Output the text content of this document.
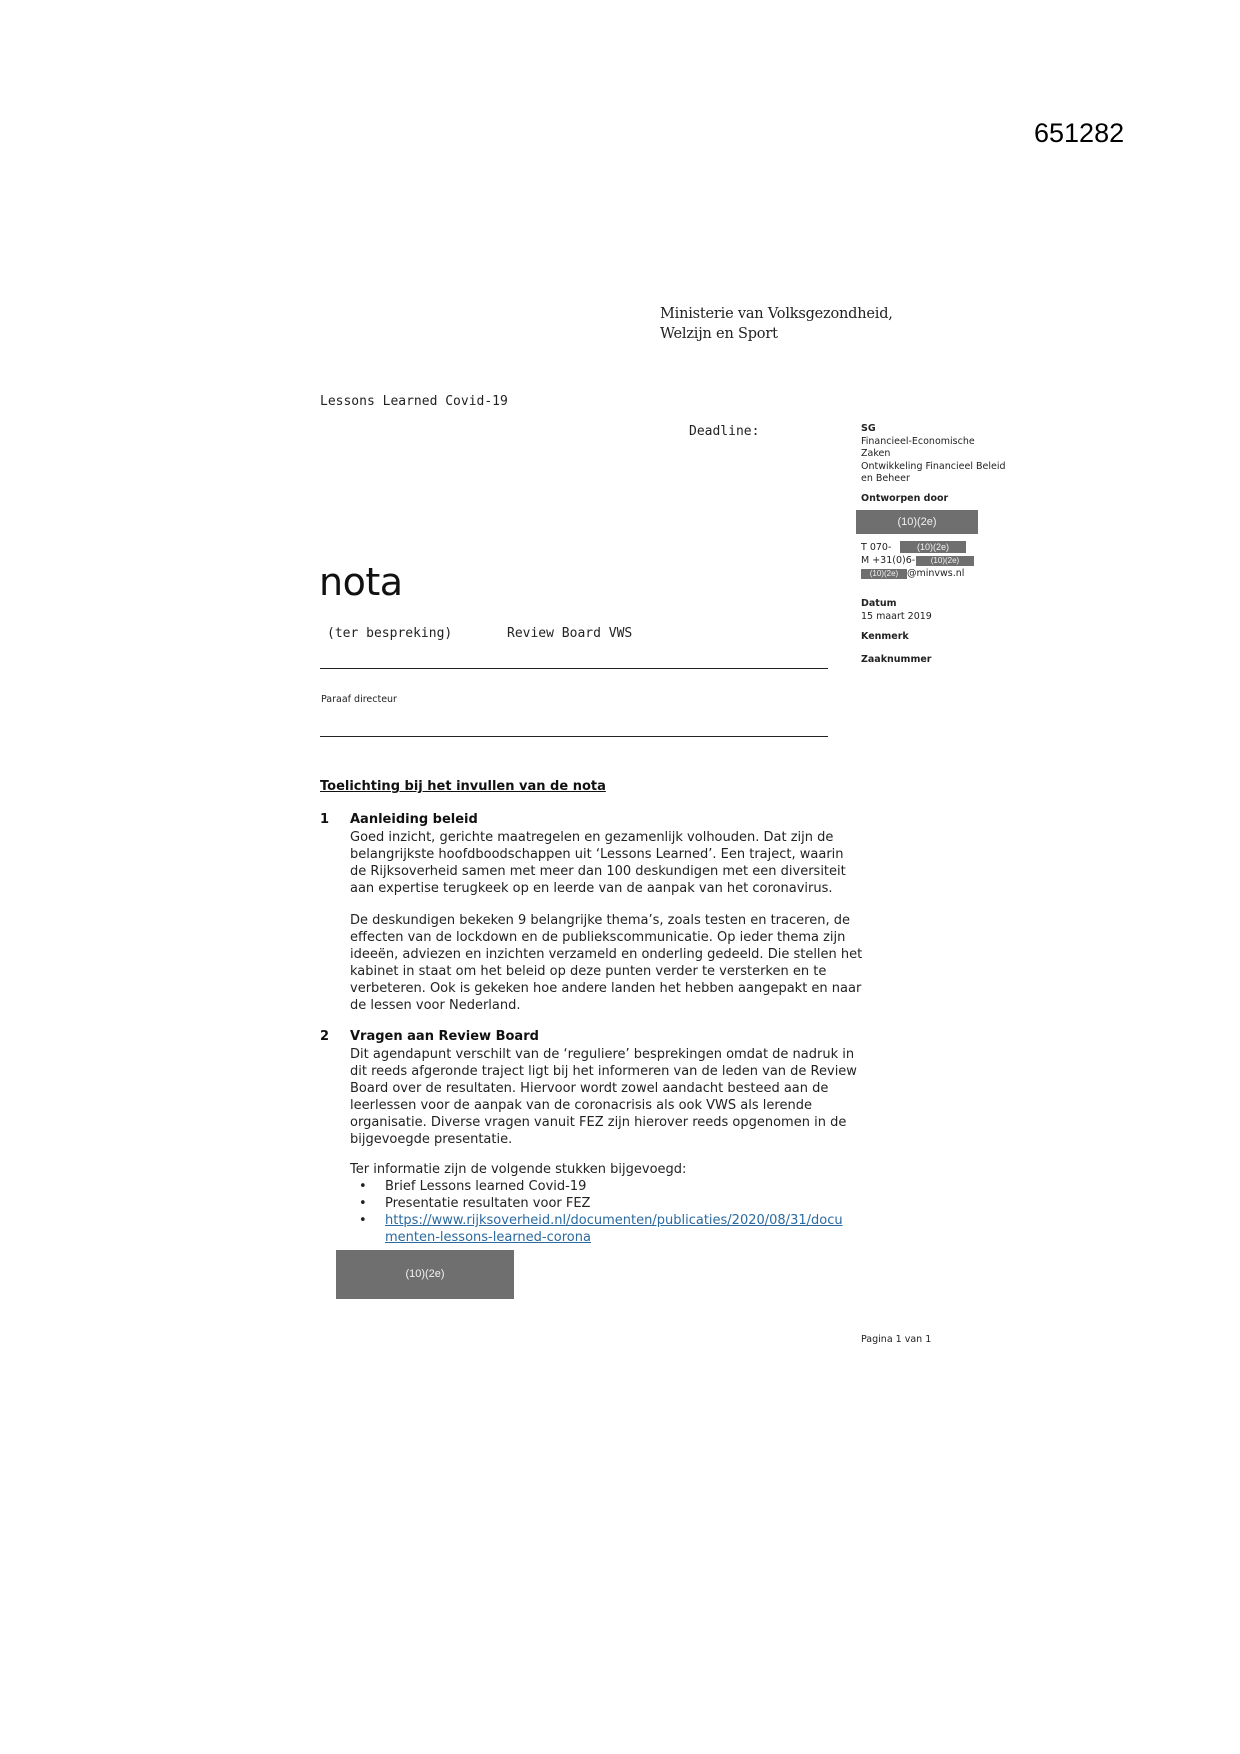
651282
Ministerie van Volksgezondheid,
Welzijn en Sport
Lessons Learned Covid-19
Deadline:	SG
Financieel-Economische
Zaken
Ontwikkeling Financieel Beleid
en Beheer
Ontworpen door
(10)(2e)
T 070-	(10)(2e)
M +31(0)6-	(10)(2e)
(10)(2e) @minvws.nl
Datum
15 maart 2019
Kenmerk
Zaaknummer
nota
(ter bespreking)	Review Board VWS
Paraaf directeur
Toelichting bij het invullen van de nota
1 Aanleiding beleid
Goed inzicht, gerichte maatregelen en gezamenlijk volhouden. Dat zijn de
belangrijkste hoofdboodschappen uit ‘Lessons Learned’. Een traject, waarin
de Rijksoverheid samen met meer dan 100 deskundigen met een diversiteit
aan expertise terugkeek op en leerde van de aanpak van het coronavirus.
De deskundigen bekeken 9 belangrijke thema’s, zoals testen en traceren, de
effecten van de lockdown en de publiekscommunicatie. Op ieder thema zijn
ideeën, adviezen en inzichten verzameld en onderling gedeeld. Die stellen het
kabinet in staat om het beleid op deze punten verder te versterken en te
verbeteren. Ook is gekeken hoe andere landen het hebben aangepakt en naar
de lessen voor Nederland.
2 Vragen aan Review Board
Dit agendapunt verschilt van de ‘reguliere’ besprekingen omdat de nadruk in
dit reeds afgeronde traject ligt bij het informeren van de leden van de Review
Board over de resultaten. Hiervoor wordt zowel aandacht besteed aan de
leerlessen voor de aanpak van de coronacrisis als ook VWS als lerende
organisatie. Diverse vragen vanuit FEZ zijn hierover reeds opgenomen in de
bijgevoegde presentatie.
Ter informatie zijn de volgende stukken bijgevoegd:
• Brief Lessons learned Covid-19
• Presentatie resultaten voor FEZ
• https://www.rijksoverheid.nl/documenten/publicaties/2020/08/31/docu
menten-lessons-learned-corona
(10)(2e)
Pagina 1 van 1
